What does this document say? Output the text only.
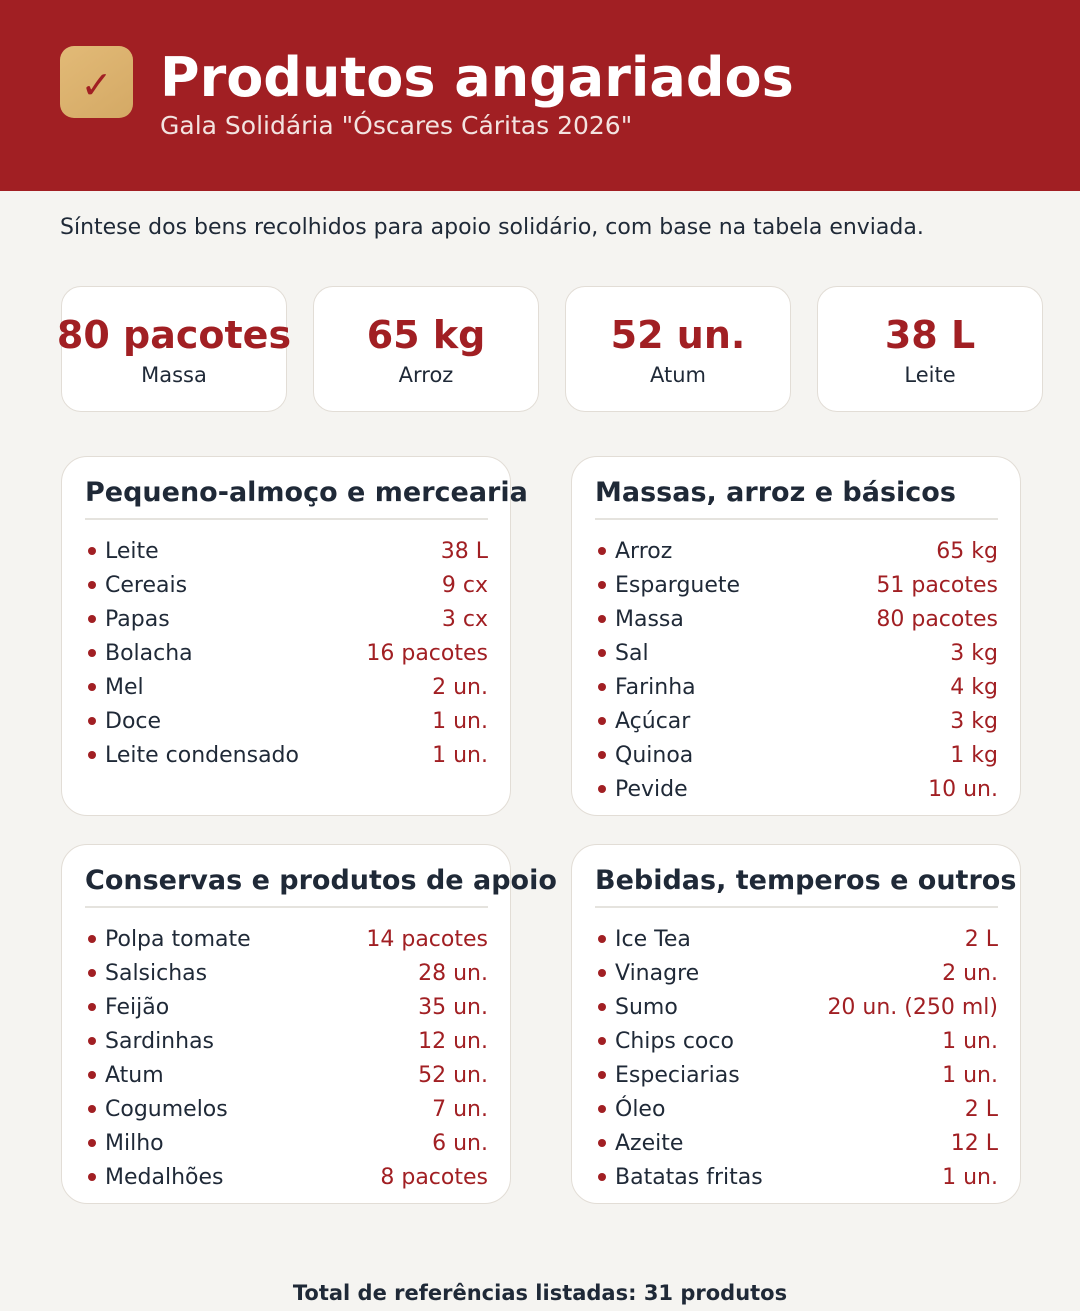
✓ Produtos angariados
Gala Solidária "Óscares Cáritas 2026"
Síntese dos bens recolhidos para apoio solidário, com base na tabela enviada.
80 pacotes
Massa
65 kg
Arroz
52 un.
Atum
38 L
Leite
Pequeno-almoço e mercearia
Leite	38 L
Cereais	9 cx
Papas	3 cx
Bolacha	16 pacotes
Mel	2 un.
Doce	1 un.
Leite condensado	1 un.
Massas, arroz e básicos
Arroz	65 kg
Esparguete	51 pacotes
Massa	80 pacotes
Sal	3 kg
Farinha	4 kg
Açúcar	3 kg
Quinoa	1 kg
Pevide	10 un.
Conservas e produtos de apoio
Polpa tomate	14 pacotes
Salsichas	28 un.
Feijão	35 un.
Sardinhas	12 un.
Atum	52 un.
Cogumelos	7 un.
Milho	6 un.
Medalhões	8 pacotes
Bebidas, temperos e outros
Ice Tea	2 L
Vinagre	2 un.
Sumo	20 un. (250 ml)
Chips coco	1 un.
Especiarias	1 un.
Óleo	2 L
Azeite	12 L
Batatas fritas	1 un.
Total de referências listadas: 31 produtos
